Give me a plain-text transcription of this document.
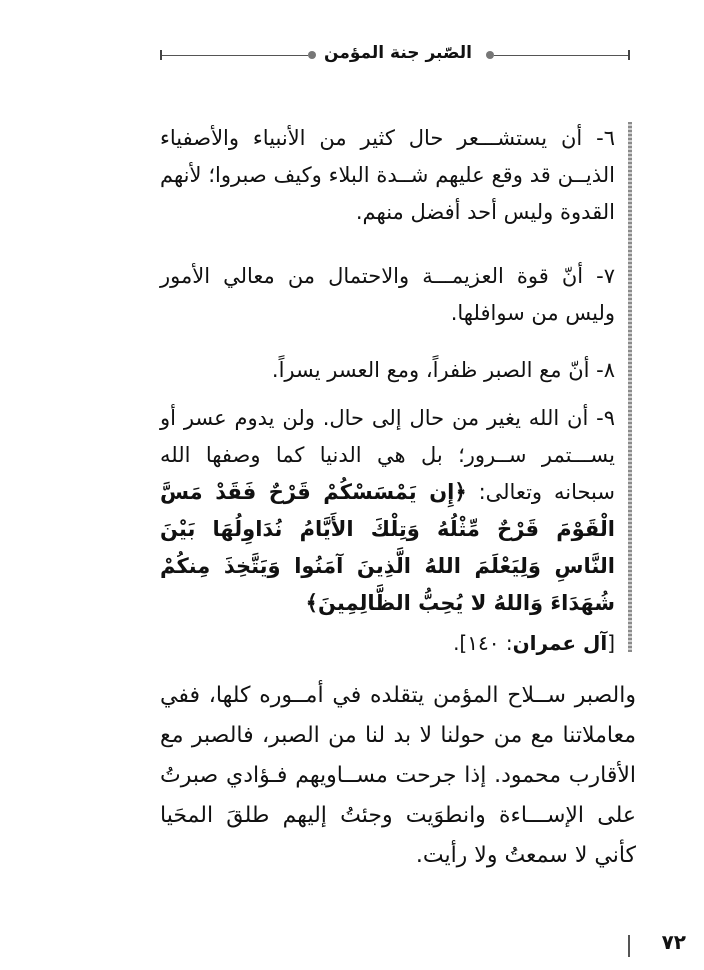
الصّبر جنة المؤمن
٦- أن يستشـــعر حال كثير من الأنبياء والأصفياء الذيــن قد وقع عليهم شــدة البلاء وكيف صبروا؛ لأنهم القدوة وليس أحد أفضل منهم.
٧- أنّ قوة العزيمـــة والاحتمال من معالي الأمور وليس من سوافلها.
٨- أنّ مع الصبر ظفراً، ومع العسر يسراً.
٩- أن الله يغير من حال إلى حال. ولن يدوم عسر أو يســـتمر ســرور؛ بل هي الدنيا كما وصفها الله سبحانه وتعالى: ﴿إِن يَمْسَسْكُمْ قَرْحٌ فَقَدْ مَسَّ الْقَوْمَ قَرْحٌ مِّثْلُهُ وَتِلْكَ الأَيَّامُ نُدَاوِلُهَا بَيْنَ النَّاسِ وَلِيَعْلَمَ اللهُ الَّذِينَ آمَنُوا وَيَتَّخِذَ مِنكُمْ شُهَدَاءَ وَاللهُ لا يُحِبُّ الظَّالِمِينَ﴾
[آل عمران: ١٤٠].
والصبر ســلاح المؤمن يتقلده في أمــوره كلها، ففي معاملاتنا مع من حولنا لا بد لنا من الصبر، فالصبر مع الأقارب محمود. إذا جرحت مســاويهم فـؤادي صبرتُ على الإســـاءة وانطوَيت وجئتُ إليهم طلقَ المحَيا كأني لا سمعتُ ولا رأيت.
٧٢
